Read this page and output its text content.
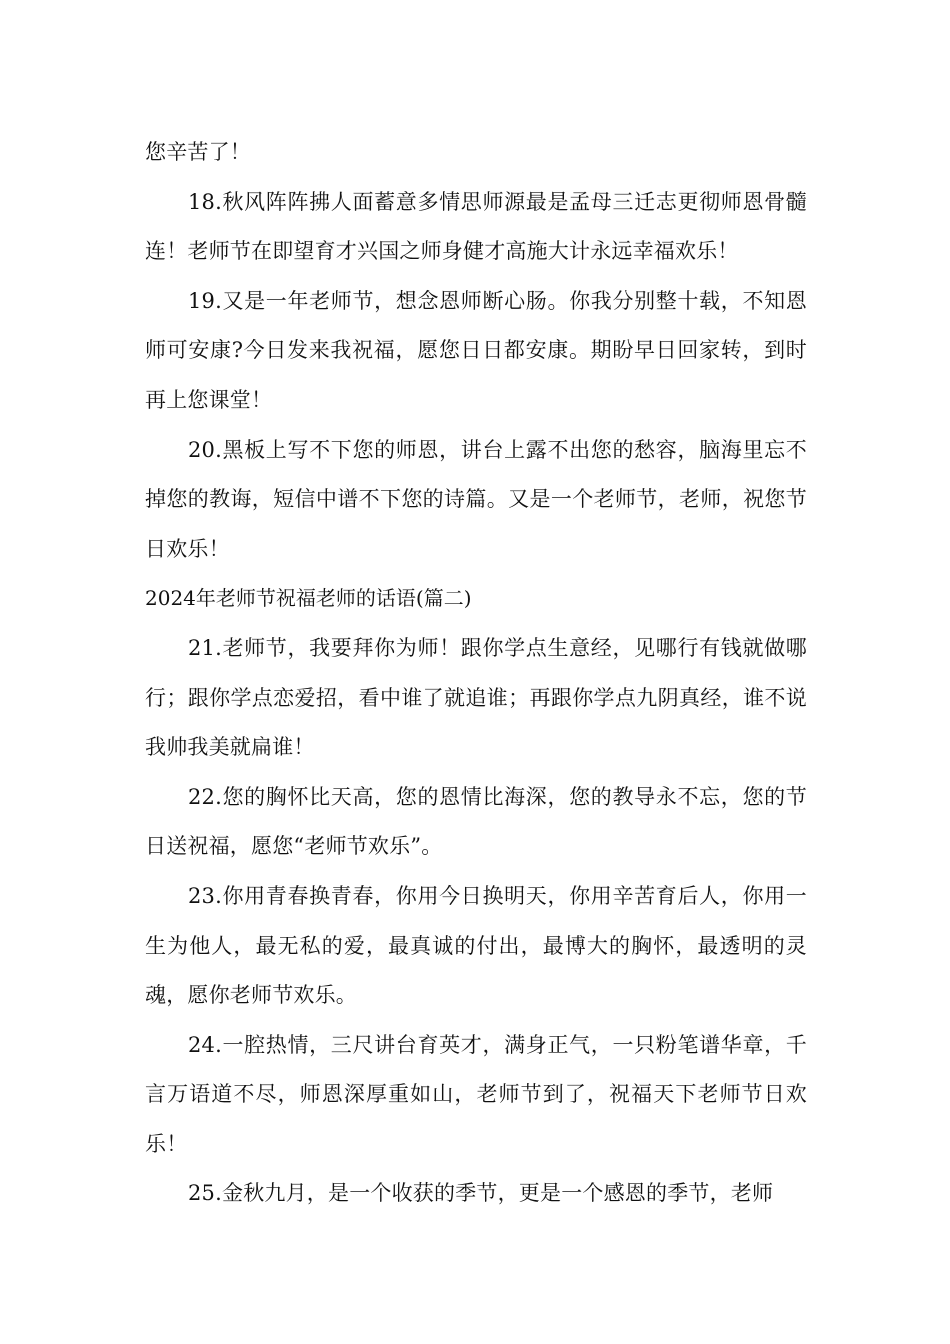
您辛苦了！

18.秋风阵阵拂人面蓄意多情思师源最是孟母三迁志更彻师恩骨髓连！老师节在即望育才兴国之师身健才高施大计永远幸福欢乐！

19.又是一年老师节，想念恩师断心肠。你我分别整十载，不知恩师可安康?今日发来我祝福，愿您日日都安康。期盼早日回家转，到时再上您课堂！

20.黑板上写不下您的师恩，讲台上露不出您的愁容，脑海里忘不掉您的教诲，短信中谱不下您的诗篇。又是一个老师节，老师，祝您节日欢乐！

2024年老师节祝福老师的话语(篇二)

21.老师节，我要拜你为师！跟你学点生意经，见哪行有钱就做哪行；跟你学点恋爱招，看中谁了就追谁；再跟你学点九阴真经，谁不说我帅我美就扁谁！

22.您的胸怀比天高，您的恩情比海深，您的教导永不忘，您的节日送祝福，愿您“老师节欢乐”。

23.你用青春换青春，你用今日换明天，你用辛苦育后人，你用一生为他人，最无私的爱，最真诚的付出，最博大的胸怀，最透明的灵魂，愿你老师节欢乐。

24.一腔热情，三尺讲台育英才，满身正气，一只粉笔谱华章，千言万语道不尽，师恩深厚重如山，老师节到了，祝福天下老师节日欢乐！

25.金秋九月，是一个收获的季节，更是一个感恩的季节，老师
